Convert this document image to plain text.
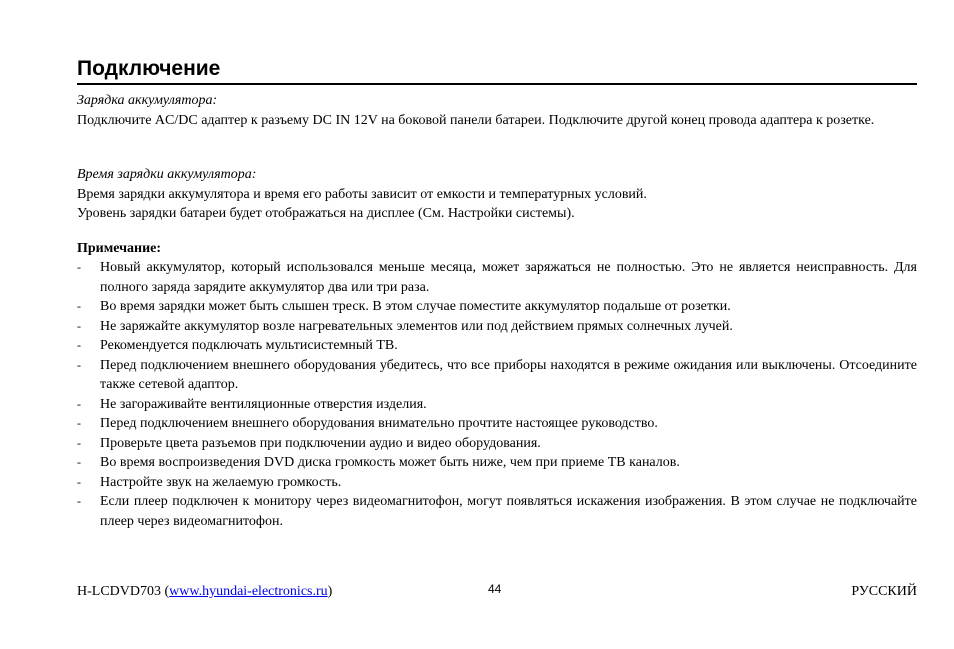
Подключение
Зарядка аккумулятора:
Подключите AC/DC адаптер к разъему DC IN 12V на боковой панели батареи. Подключите другой конец провода адаптера к розетке.
Время зарядки аккумулятора:
Время зарядки аккумулятора и время его работы зависит от емкости и температурных условий.
Уровень зарядки батареи будет отображаться на дисплее (См. Настройки системы).
Примечание:
-	Новый аккумулятор, который использовался меньше месяца, может заряжаться не полностью. Это не является неисправность. Для полного заряда зарядите аккумулятор два или три раза.
-	Во время зарядки может быть слышен треск. В этом случае поместите аккумулятор подальше от розетки.
-	Не заряжайте аккумулятор возле нагревательных элементов или под действием прямых солнечных лучей.
-	Рекомендуется подключать мультисистемный ТВ.
-	Перед подключением внешнего оборудования убедитесь, что все приборы находятся в режиме ожидания или выключены. Отсоедините также сетевой адаптор.
-	Не загораживайте вентиляционные отверстия изделия.
-	Перед подключением внешнего оборудования внимательно прочтите настоящее руководство.
-	Проверьте цвета разъемов при подключении аудио и видео оборудования.
-	Во время воспроизведения DVD диска громкость может быть ниже, чем при приеме ТВ каналов.
-	Настройте звук на желаемую громкость.
-	Если плеер подключен к монитору через видеомагнитофон, могут появляться искажения изображения. В этом случае не подключайте плеер через видеомагнитофон.
H-LCDVD703 (www.hyundai-electronics.ru)	44	РУССКИЙ
